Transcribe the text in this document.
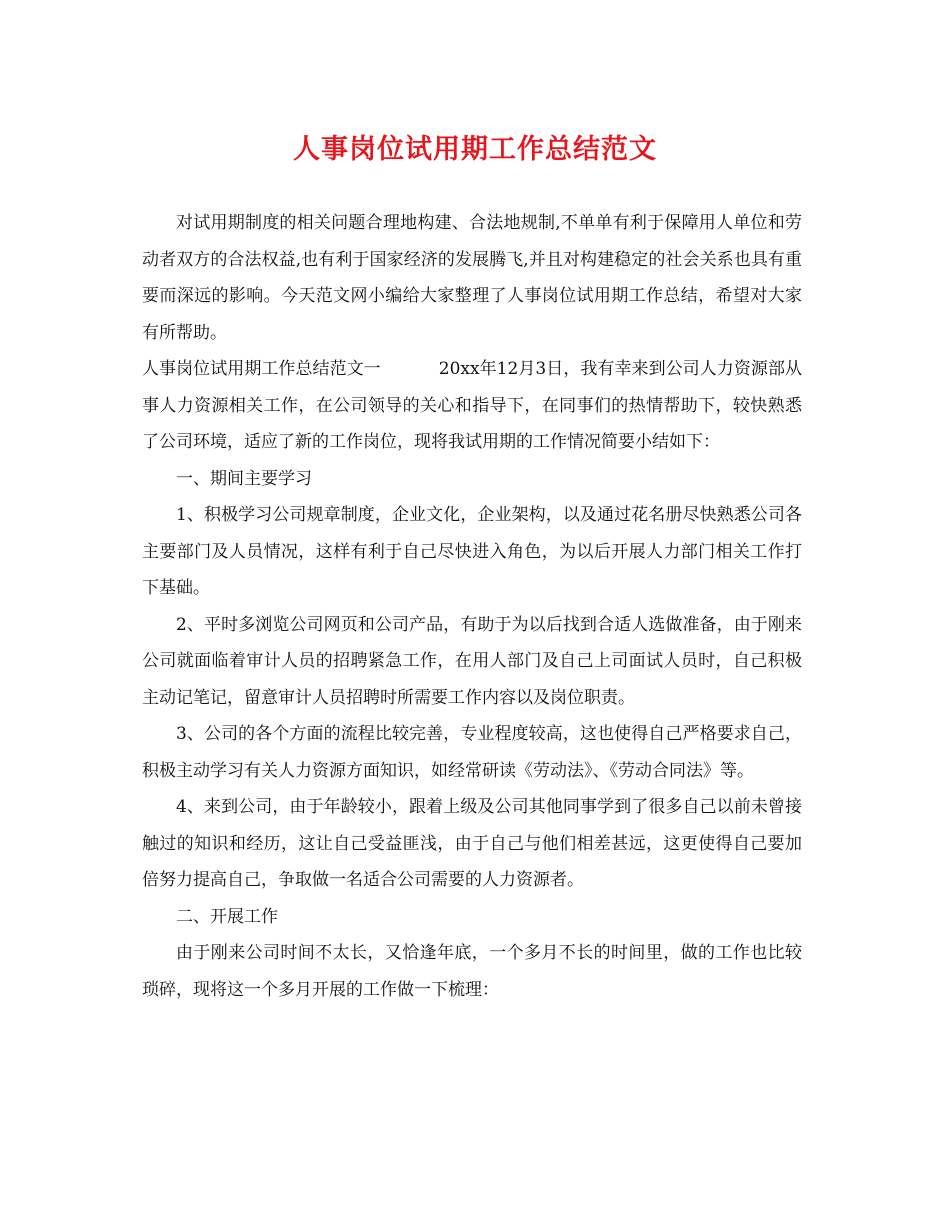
人事岗位试用期工作总结范文

对试用期制度的相关问题合理地构建、合法地规制,不单单有利于保障用人单位和劳动者双方的合法权益,也有利于国家经济的发展腾飞,并且对构建稳定的社会关系也具有重要而深远的影响。今天范文网小编给大家整理了人事岗位试用期工作总结，希望对大家有所帮助。

人事岗位试用期工作总结范文一	20xx年12月3日，我有幸来到公司人力资源部从事人力资源相关工作，在公司领导的关心和指导下，在同事们的热情帮助下，较快熟悉了公司环境，适应了新的工作岗位，现将我试用期的工作情况简要小结如下：

一、期间主要学习

1、积极学习公司规章制度，企业文化，企业架构，以及通过花名册尽快熟悉公司各主要部门及人员情况，这样有利于自己尽快进入角色，为以后开展人力部门相关工作打下基础。

2、平时多浏览公司网页和公司产品，有助于为以后找到合适人选做准备，由于刚来公司就面临着审计人员的招聘紧急工作，在用人部门及自己上司面试人员时，自己积极主动记笔记，留意审计人员招聘时所需要工作内容以及岗位职责。

3、公司的各个方面的流程比较完善，专业程度较高，这也使得自己严格要求自己，积极主动学习有关人力资源方面知识，如经常研读《劳动法》、《劳动合同法》等。

4、来到公司，由于年龄较小，跟着上级及公司其他同事学到了很多自己以前未曾接触过的知识和经历，这让自己受益匪浅，由于自己与他们相差甚远，这更使得自己要加倍努力提高自己，争取做一名适合公司需要的人力资源者。

二、开展工作

由于刚来公司时间不太长，又恰逢年底，一个多月不长的时间里，做的工作也比较琐碎，现将这一个多月开展的工作做一下梳理：
